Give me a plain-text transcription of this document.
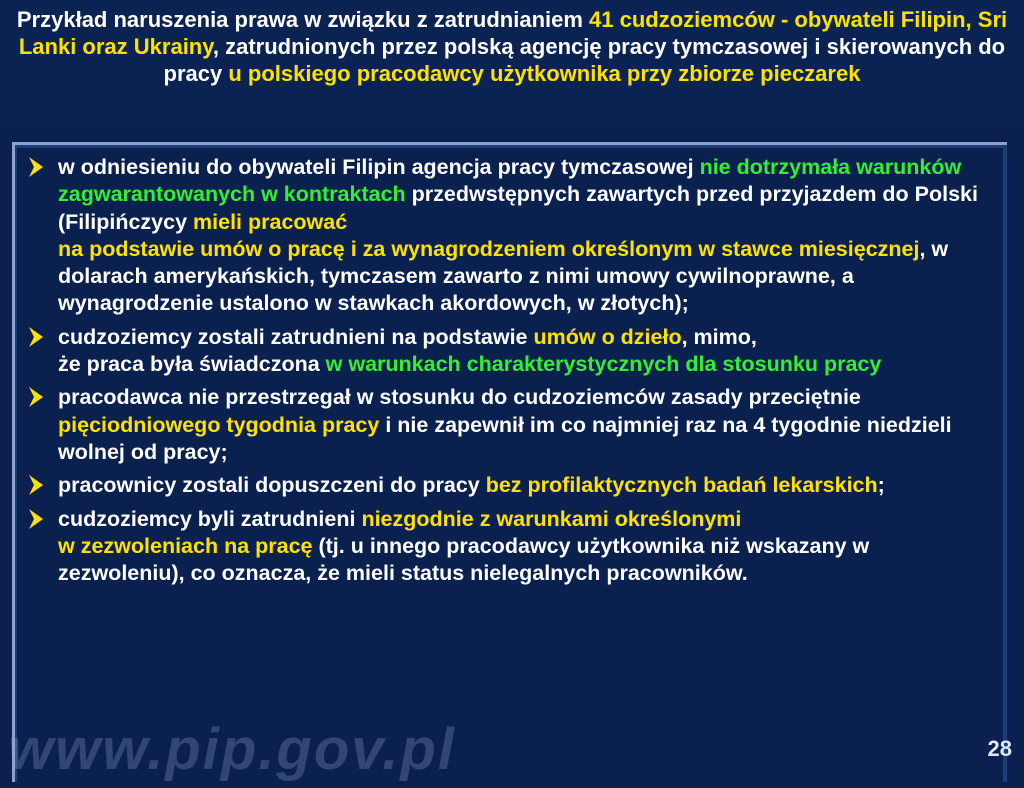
Przykład naruszenia prawa w związku z zatrudnianiem 41 cudzoziemców - obywateli Filipin, Sri Lanki oraz Ukrainy, zatrudnionych przez polską agencję pracy tymczasowej i skierowanych do pracy u polskiego pracodawcy użytkownika przy zbiorze pieczarek
w odniesieniu do obywateli Filipin agencja pracy tymczasowej nie dotrzymała warunków zagwarantowanych w kontraktach przedwstępnych zawartych przed przyjazdem do Polski (Filipińczycy mieli pracować
na podstawie umów o pracę i za wynagrodzeniem określonym w stawce miesięcznej, w dolarach amerykańskich, tymczasem zawarto z nimi umowy cywilnoprawne, a wynagrodzenie ustalono w stawkach akordowych, w złotych);
cudzoziemcy zostali zatrudnieni na podstawie umów o dzieło, mimo,
że praca była świadczona w warunkach charakterystycznych dla stosunku pracy
pracodawca nie przestrzegał w stosunku do cudzoziemców zasady przeciętnie pięciodniowego tygodnia pracy i nie zapewnił im co najmniej raz na 4 tygodnie niedzieli wolnej od pracy;
pracownicy zostali dopuszczeni do pracy bez profilaktycznych badań lekarskich;
cudzoziemcy byli zatrudnieni niezgodnie z warunkami określonymi
w zezwoleniach na pracę (tj. u innego pracodawcy użytkownika niż wskazany w zezwoleniu), co oznacza, że mieli status nielegalnych pracowników.
www.pip.gov.pl	28
